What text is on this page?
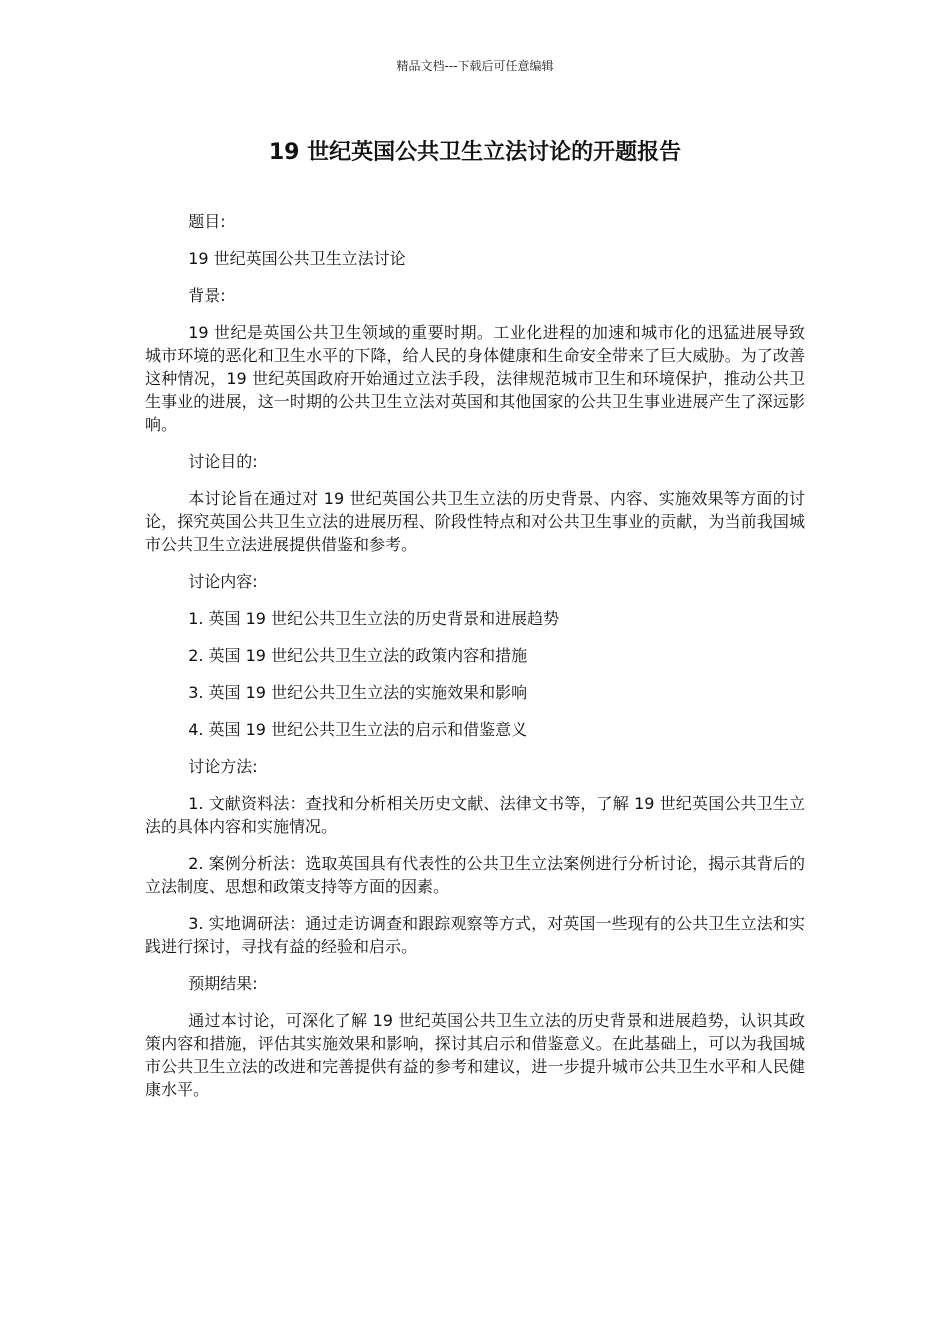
精品文档---下载后可任意编辑
19 世纪英国公共卫生立法讨论的开题报告

题目:

19 世纪英国公共卫生立法讨论

背景:

19 世纪是英国公共卫生领域的重要时期。工业化进程的加速和城市化的迅猛进展导致城市环境的恶化和卫生水平的下降，给人民的身体健康和生命安全带来了巨大威胁。为了改善这种情况，19 世纪英国政府开始通过立法手段，法律规范城市卫生和环境保护，推动公共卫生事业的进展，这一时期的公共卫生立法对英国和其他国家的公共卫生事业进展产生了深远影响。

讨论目的:

本讨论旨在通过对 19 世纪英国公共卫生立法的历史背景、内容、实施效果等方面的讨论，探究英国公共卫生立法的进展历程、阶段性特点和对公共卫生事业的贡献，为当前我国城市公共卫生立法进展提供借鉴和参考。

讨论内容:

1. 英国 19 世纪公共卫生立法的历史背景和进展趋势

2. 英国 19 世纪公共卫生立法的政策内容和措施

3. 英国 19 世纪公共卫生立法的实施效果和影响

4. 英国 19 世纪公共卫生立法的启示和借鉴意义

讨论方法:

1. 文献资料法：查找和分析相关历史文献、法律文书等，了解 19 世纪英国公共卫生立法的具体内容和实施情况。

2. 案例分析法：选取英国具有代表性的公共卫生立法案例进行分析讨论，揭示其背后的立法制度、思想和政策支持等方面的因素。

3. 实地调研法：通过走访调查和跟踪观察等方式，对英国一些现有的公共卫生立法和实践进行探讨，寻找有益的经验和启示。

预期结果:

通过本讨论，可深化了解 19 世纪英国公共卫生立法的历史背景和进展趋势，认识其政策内容和措施，评估其实施效果和影响，探讨其启示和借鉴意义。在此基础上，可以为我国城市公共卫生立法的改进和完善提供有益的参考和建议，进一步提升城市公共卫生水平和人民健康水平。
